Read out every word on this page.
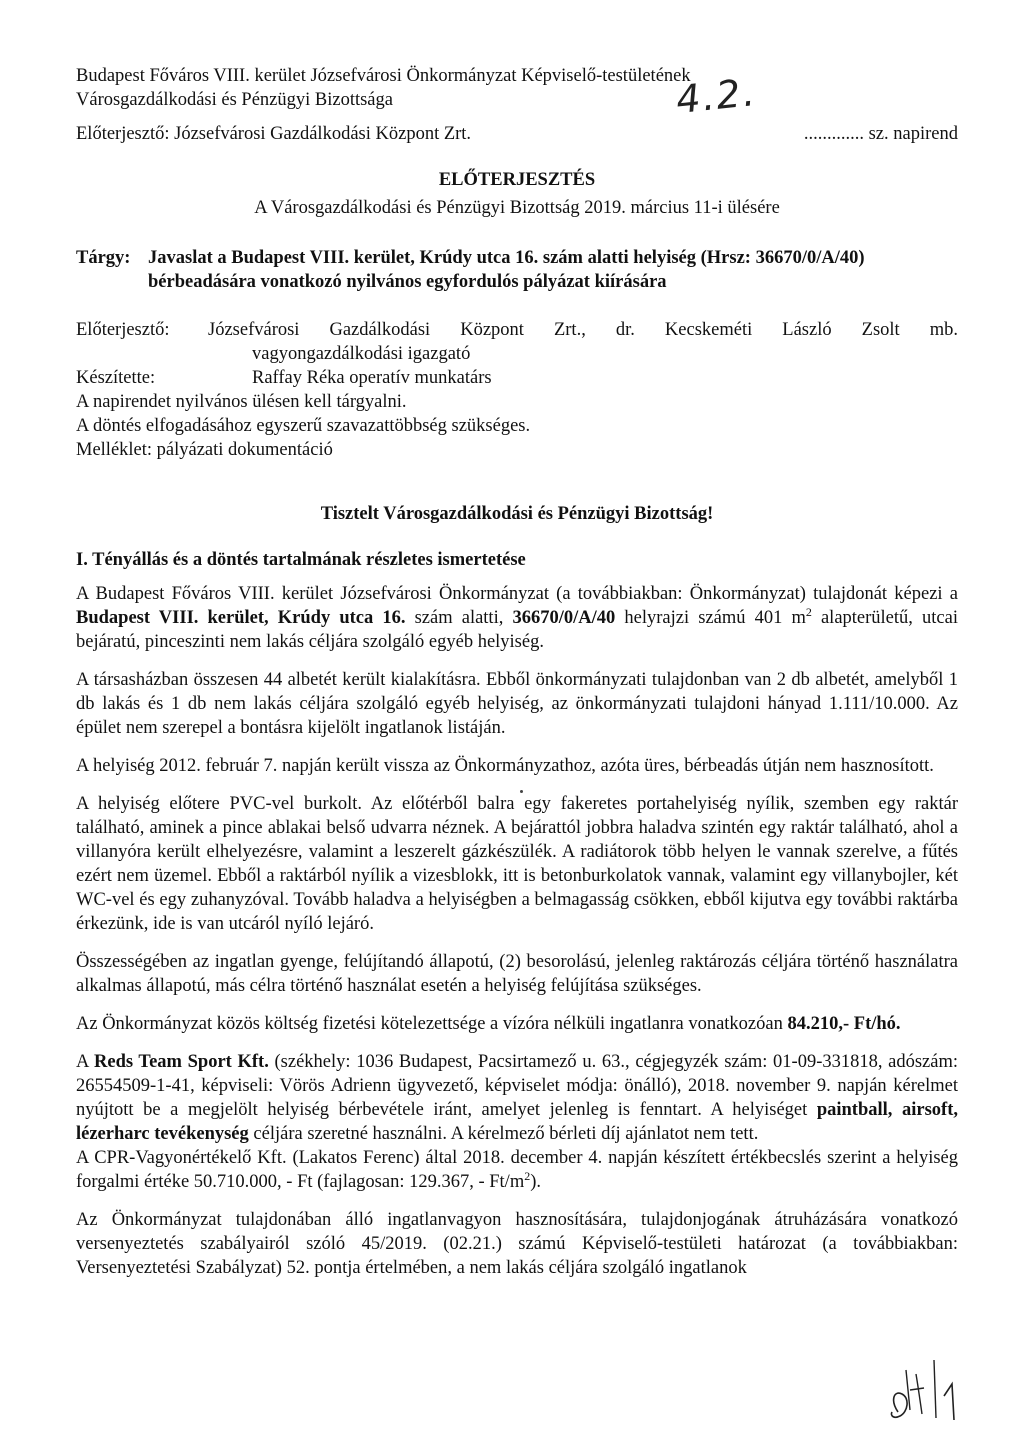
4.2.
Budapest Főváros VIII. kerület Józsefvárosi Önkormányzat Képviselő-testületének
Városgazdálkodási és Pénzügyi Bizottsága
Előterjesztő: Józsefvárosi Gazdálkodási Központ Zrt.	............. sz. napirend
ELŐTERJESZTÉS
A Városgazdálkodási és Pénzügyi Bizottság 2019. március 11-i ülésére
Tárgy: Javaslat a Budapest VIII. kerület, Krúdy utca 16. szám alatti helyiség (Hrsz: 36670/0/A/40) bérbeadására vonatkozó nyilvános egyfordulós pályázat kiírására
Előterjesztő:	Józsefvárosi Gazdálkodási Központ Zrt., dr. Kecskeméti László Zsolt mb.
vagyongazdálkodási igazgató
Készítette:	Raffay Réka operatív munkatárs
A napirendet nyilvános ülésen kell tárgyalni.
A döntés elfogadásához egyszerű szavazattöbbség szükséges.
Melléklet: pályázati dokumentáció
Tisztelt Városgazdálkodási és Pénzügyi Bizottság!
I. Tényállás és a döntés tartalmának részletes ismertetése

A Budapest Főváros VIII. kerület Józsefvárosi Önkormányzat (a továbbiakban: Önkormányzat) tulajdonát képezi a Budapest VIII. kerület, Krúdy utca 16. szám alatti, 36670/0/A/40 helyrajzi számú 401 $m^2$ alapterületű, utcai bejáratú, pinceszinti nem lakás céljára szolgáló egyéb helyiség.

A társasházban összesen 44 albetét került kialakításra. Ebből önkormányzati tulajdonban van 2 db albetét, amelyből 1 db lakás és 1 db nem lakás céljára szolgáló egyéb helyiség, az önkormányzati tulajdoni hányad 1.111/10.000. Az épület nem szerepel a bontásra kijelölt ingatlanok listáján.

A helyiség 2012. február 7. napján került vissza az Önkormányzathoz, azóta üres, bérbeadás útján nem hasznosított.

A helyiség előtere PVC-vel burkolt. Az előtérből balra egy fakeretes portahelyiség nyílik, szemben egy raktár található, aminek a pince ablakai belső udvarra néznek. A bejárattól jobbra haladva szintén egy raktár található, ahol a villanyóra került elhelyezésre, valamint a leszerelt gázkészülék. A radiátorok több helyen le vannak szerelve, a fűtés ezért nem üzemel. Ebből a raktárból nyílik a vizesblokk, itt is betonburkolatok vannak, valamint egy villanybojler, két WC-vel és egy zuhanyzóval. Tovább haladva a helyiségben a belmagasság csökken, ebből kijutva egy további raktárba érkezünk, ide is van utcáról nyíló lejáró.

Összességében az ingatlan gyenge, felújítandó állapotú, (2) besorolású, jelenleg raktározás céljára történő használatra alkalmas állapotú, más célra történő használat esetén a helyiség felújítása szükséges.

Az Önkormányzat közös költség fizetési kötelezettsége a vízóra nélküli ingatlanra vonatkozóan 84.210,- Ft/hó.

A Reds Team Sport Kft. (székhely: 1036 Budapest, Pacsirtamező u. 63., cégjegyzék szám: 01-09-331818, adószám: 26554509-1-41, képviseli: Vörös Adrienn ügyvezető, képviselet módja: önálló), 2018. november 9. napján kérelmet nyújtott be a megjelölt helyiség bérbevétele iránt, amelyet jelenleg is fenntart. A helyiséget paintball, airsoft, lézerharc tevékenység céljára szeretné használni. A kérelmező bérleti díj ajánlatot nem tett.

A CPR-Vagyonértékelő Kft. (Lakatos Ferenc) által 2018. december 4. napján készített értékbecslés szerint a helyiség forgalmi értéke 50.710.000, - Ft (fajlagosan: 129.367, - $Ft/m^2$).

Az Önkormányzat tulajdonában álló ingatlanvagyon hasznosítására, tulajdonjogának átruházására vonatkozó versenyeztetés szabályairól szóló 45/2019. (02.21.) számú Képviselő-testületi határozat (a továbbiakban: Versenyeztetési Szabályzat) 52. pontja értelmében, a nem lakás céljára szolgáló ingatlanok
